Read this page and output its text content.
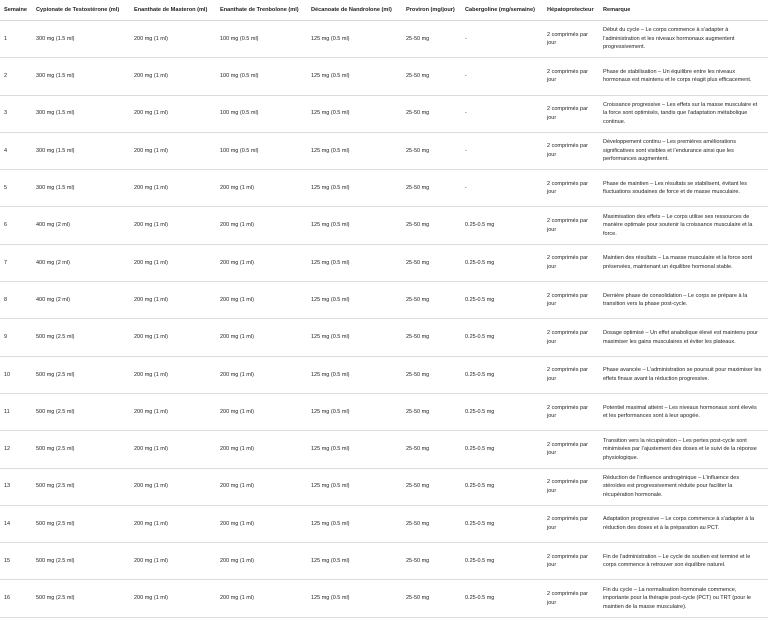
Semaine	Cypionate de Testostérone (ml)	Enanthate de Masteron (ml)	Enanthate de Trenbolone (ml)	Décanoate de Nandrolone (ml)	Proviron (mg/jour)	Cabergoline (mg/semaine)	Hépatoprotecteur	Remarque
1	300 mg (1.5 ml)	200 mg (1 ml)	100 mg (0.5 ml)	125 mg (0.5 ml)	25-50 mg	-	2 comprimés par jour	Début du cycle – Le corps commence à s’adapter à l’administration et les niveaux hormonaux augmentent progressivement.
2	300 mg (1.5 ml)	200 mg (1 ml)	100 mg (0.5 ml)	125 mg (0.5 ml)	25-50 mg	-	2 comprimés par jour	Phase de stabilisation – Un équilibre entre les niveaux hormonaux est maintenu et le corps réagit plus efficacement.
3	300 mg (1.5 ml)	200 mg (1 ml)	100 mg (0.5 ml)	125 mg (0.5 ml)	25-50 mg	-	2 comprimés par jour	Croissance progressive – Les effets sur la masse musculaire et la force sont optimisés, tandis que l’adaptation métabolique continue.
4	300 mg (1.5 ml)	200 mg (1 ml)	100 mg (0.5 ml)	125 mg (0.5 ml)	25-50 mg	-	2 comprimés par jour	Développement continu – Les premières améliorations significatives sont visibles et l’endurance ainsi que les performances augmentent.
5	300 mg (1.5 ml)	200 mg (1 ml)	200 mg (1 ml)	125 mg (0.5 ml)	25-50 mg	-	2 comprimés par jour	Phase de maintien – Les résultats se stabilisent, évitant les fluctuations soudaines de force et de masse musculaire.
6	400 mg (2 ml)	200 mg (1 ml)	200 mg (1 ml)	125 mg (0.5 ml)	25-50 mg	0.25-0.5 mg	2 comprimés par jour	Maximisation des effets – Le corps utilise ses ressources de manière optimale pour soutenir la croissance musculaire et la force.
7	400 mg (2 ml)	200 mg (1 ml)	200 mg (1 ml)	125 mg (0.5 ml)	25-50 mg	0.25-0.5 mg	2 comprimés par jour	Maintien des résultats – La masse musculaire et la force sont préservées, maintenant un équilibre hormonal stable.
8	400 mg (2 ml)	200 mg (1 ml)	200 mg (1 ml)	125 mg (0.5 ml)	25-50 mg	0.25-0.5 mg	2 comprimés par jour	Dernière phase de consolidation – Le corps se prépare à la transition vers la phase post-cycle.
9	500 mg (2.5 ml)	200 mg (1 ml)	200 mg (1 ml)	125 mg (0.5 ml)	25-50 mg	0.25-0.5 mg	2 comprimés par jour	Dosage optimisé – Un effet anabolique élevé est maintenu pour maximiser les gains musculaires et éviter les plateaux.
10	500 mg (2.5 ml)	200 mg (1 ml)	200 mg (1 ml)	125 mg (0.5 ml)	25-50 mg	0.25-0.5 mg	2 comprimés par jour	Phase avancée – L’administration se poursuit pour maximiser les effets finaux avant la réduction progressive.
11	500 mg (2.5 ml)	200 mg (1 ml)	200 mg (1 ml)	125 mg (0.5 ml)	25-50 mg	0.25-0.5 mg	2 comprimés par jour	Potentiel maximal atteint – Les niveaux hormonaux sont élevés et les performances sont à leur apogée.
12	500 mg (2.5 ml)	200 mg (1 ml)	200 mg (1 ml)	125 mg (0.5 ml)	25-50 mg	0.25-0.5 mg	2 comprimés par jour	Transition vers la récupération – Les pertes post-cycle sont minimisées par l’ajustement des doses et le suivi de la réponse physiologique.
13	500 mg (2.5 ml)	200 mg (1 ml)	200 mg (1 ml)	125 mg (0.5 ml)	25-50 mg	0.25-0.5 mg	2 comprimés par jour	Réduction de l’influence androgénique – L’influence des stéroïdes est progressivement réduite pour faciliter la récupération hormonale.
14	500 mg (2.5 ml)	200 mg (1 ml)	200 mg (1 ml)	125 mg (0.5 ml)	25-50 mg	0.25-0.5 mg	2 comprimés par jour	Adaptation progressive – Le corps commence à s’adapter à la réduction des doses et à la préparation au PCT.
15	500 mg (2.5 ml)	200 mg (1 ml)	200 mg (1 ml)	125 mg (0.5 ml)	25-50 mg	0.25-0.5 mg	2 comprimés par jour	Fin de l’administration – Le cycle de soutien est terminé et le corps commence à retrouver son équilibre naturel.
16	500 mg (2.5 ml)	200 mg (1 ml)	200 mg (1 ml)	125 mg (0.5 ml)	25-50 mg	0.25-0.5 mg	2 comprimés par jour	Fin du cycle – La normalisation hormonale commence, importante pour la thérapie post-cycle (PCT) ou TRT (pour le maintien de la masse musculaire).
